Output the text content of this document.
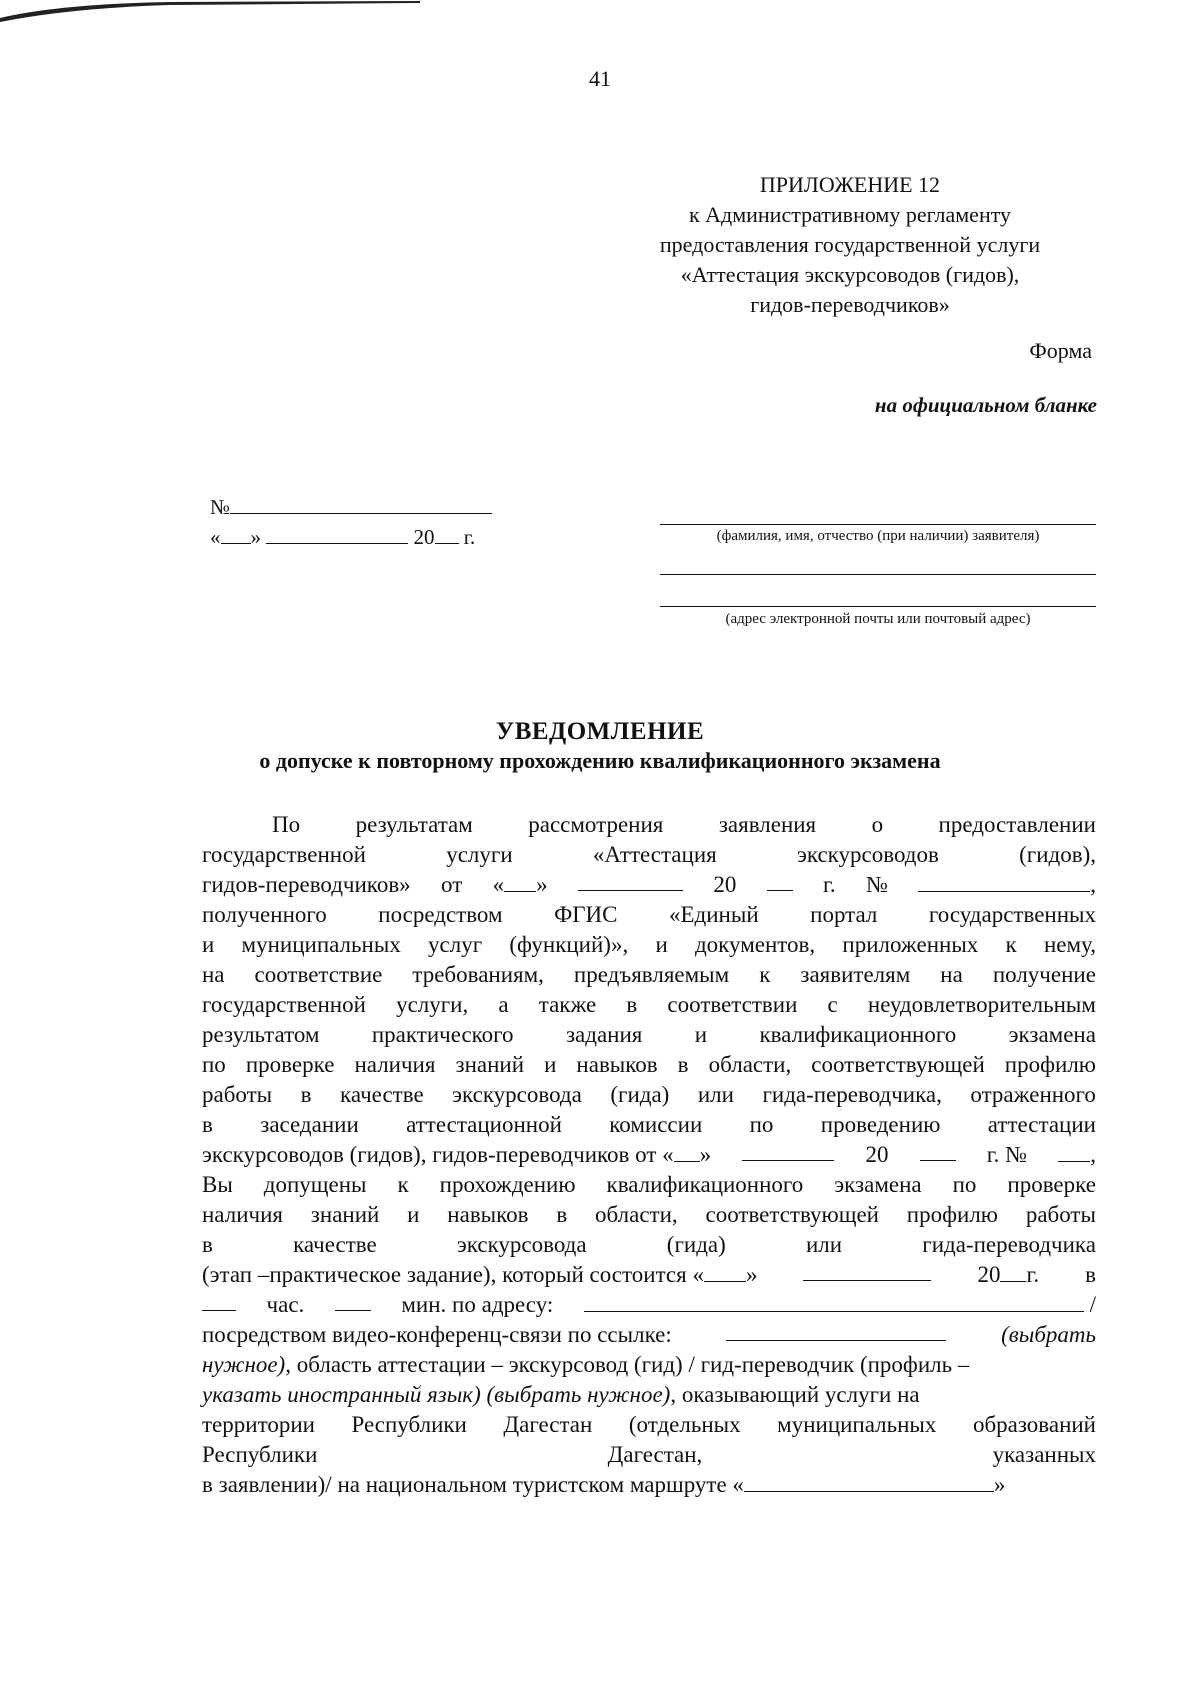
41
ПРИЛОЖЕНИЕ 12
к Административному регламенту
предоставления государственной услуги
«Аттестация экскурсоводов (гидов),
гидов-переводчиков»
Форма
на официальном бланке
№
« »	20 г.	(фамилия, имя, отчество (при наличии) заявителя)
(адрес электронной почты или почтовый адрес)
УВЕДОМЛЕНИЕ
о допуске к повторному прохождению квалификационного экзамена
По результатам рассмотрения заявления о предоставлении
государственной	услуги	«Аттестация	экскурсоводов	(гидов),
гидов-переводчиков» от « »	20	г. №	,
полученного посредством ФГИС «Единый портал государственных
и муниципальных услуг (функций)», и документов, приложенных к нему,
на соответствие требованиям, предъявляемым к заявителям на получение
государственной услуги, а также в соответствии с неудовлетворительным
результатом практического задания и квалификационного экзамена
по проверке наличия знаний и навыков в области, соответствующей профилю
работы в качестве экскурсовода (гида) или гида-переводчика, отраженного
в заседании аттестационной комиссии по проведению аттестации
экскурсоводов (гидов), гидов-переводчиков от « »	20	г. №	,
Вы допущены к прохождению квалификационного экзамена по проверке
наличия знаний и навыков в области, соответствующей профилю работы
в	качестве	экскурсовода	(гида)	или	гида-переводчика
(этап –практическое задание), который состоится « »	20 г. в
час.	мин. по адресу:	/
посредством видео-конференц-связи по ссылке:	(выбрать
нужное) , область аттестации – экскурсовод (гид) / гид-переводчик (профиль –
указать иностранный язык) (выбрать нужное) , оказывающий услуги на
территории Республики Дагестан (отдельных муниципальных образований
Республики	Дагестан,	указанных
в заявлении)/ на национальном туристском маршруте «	»
